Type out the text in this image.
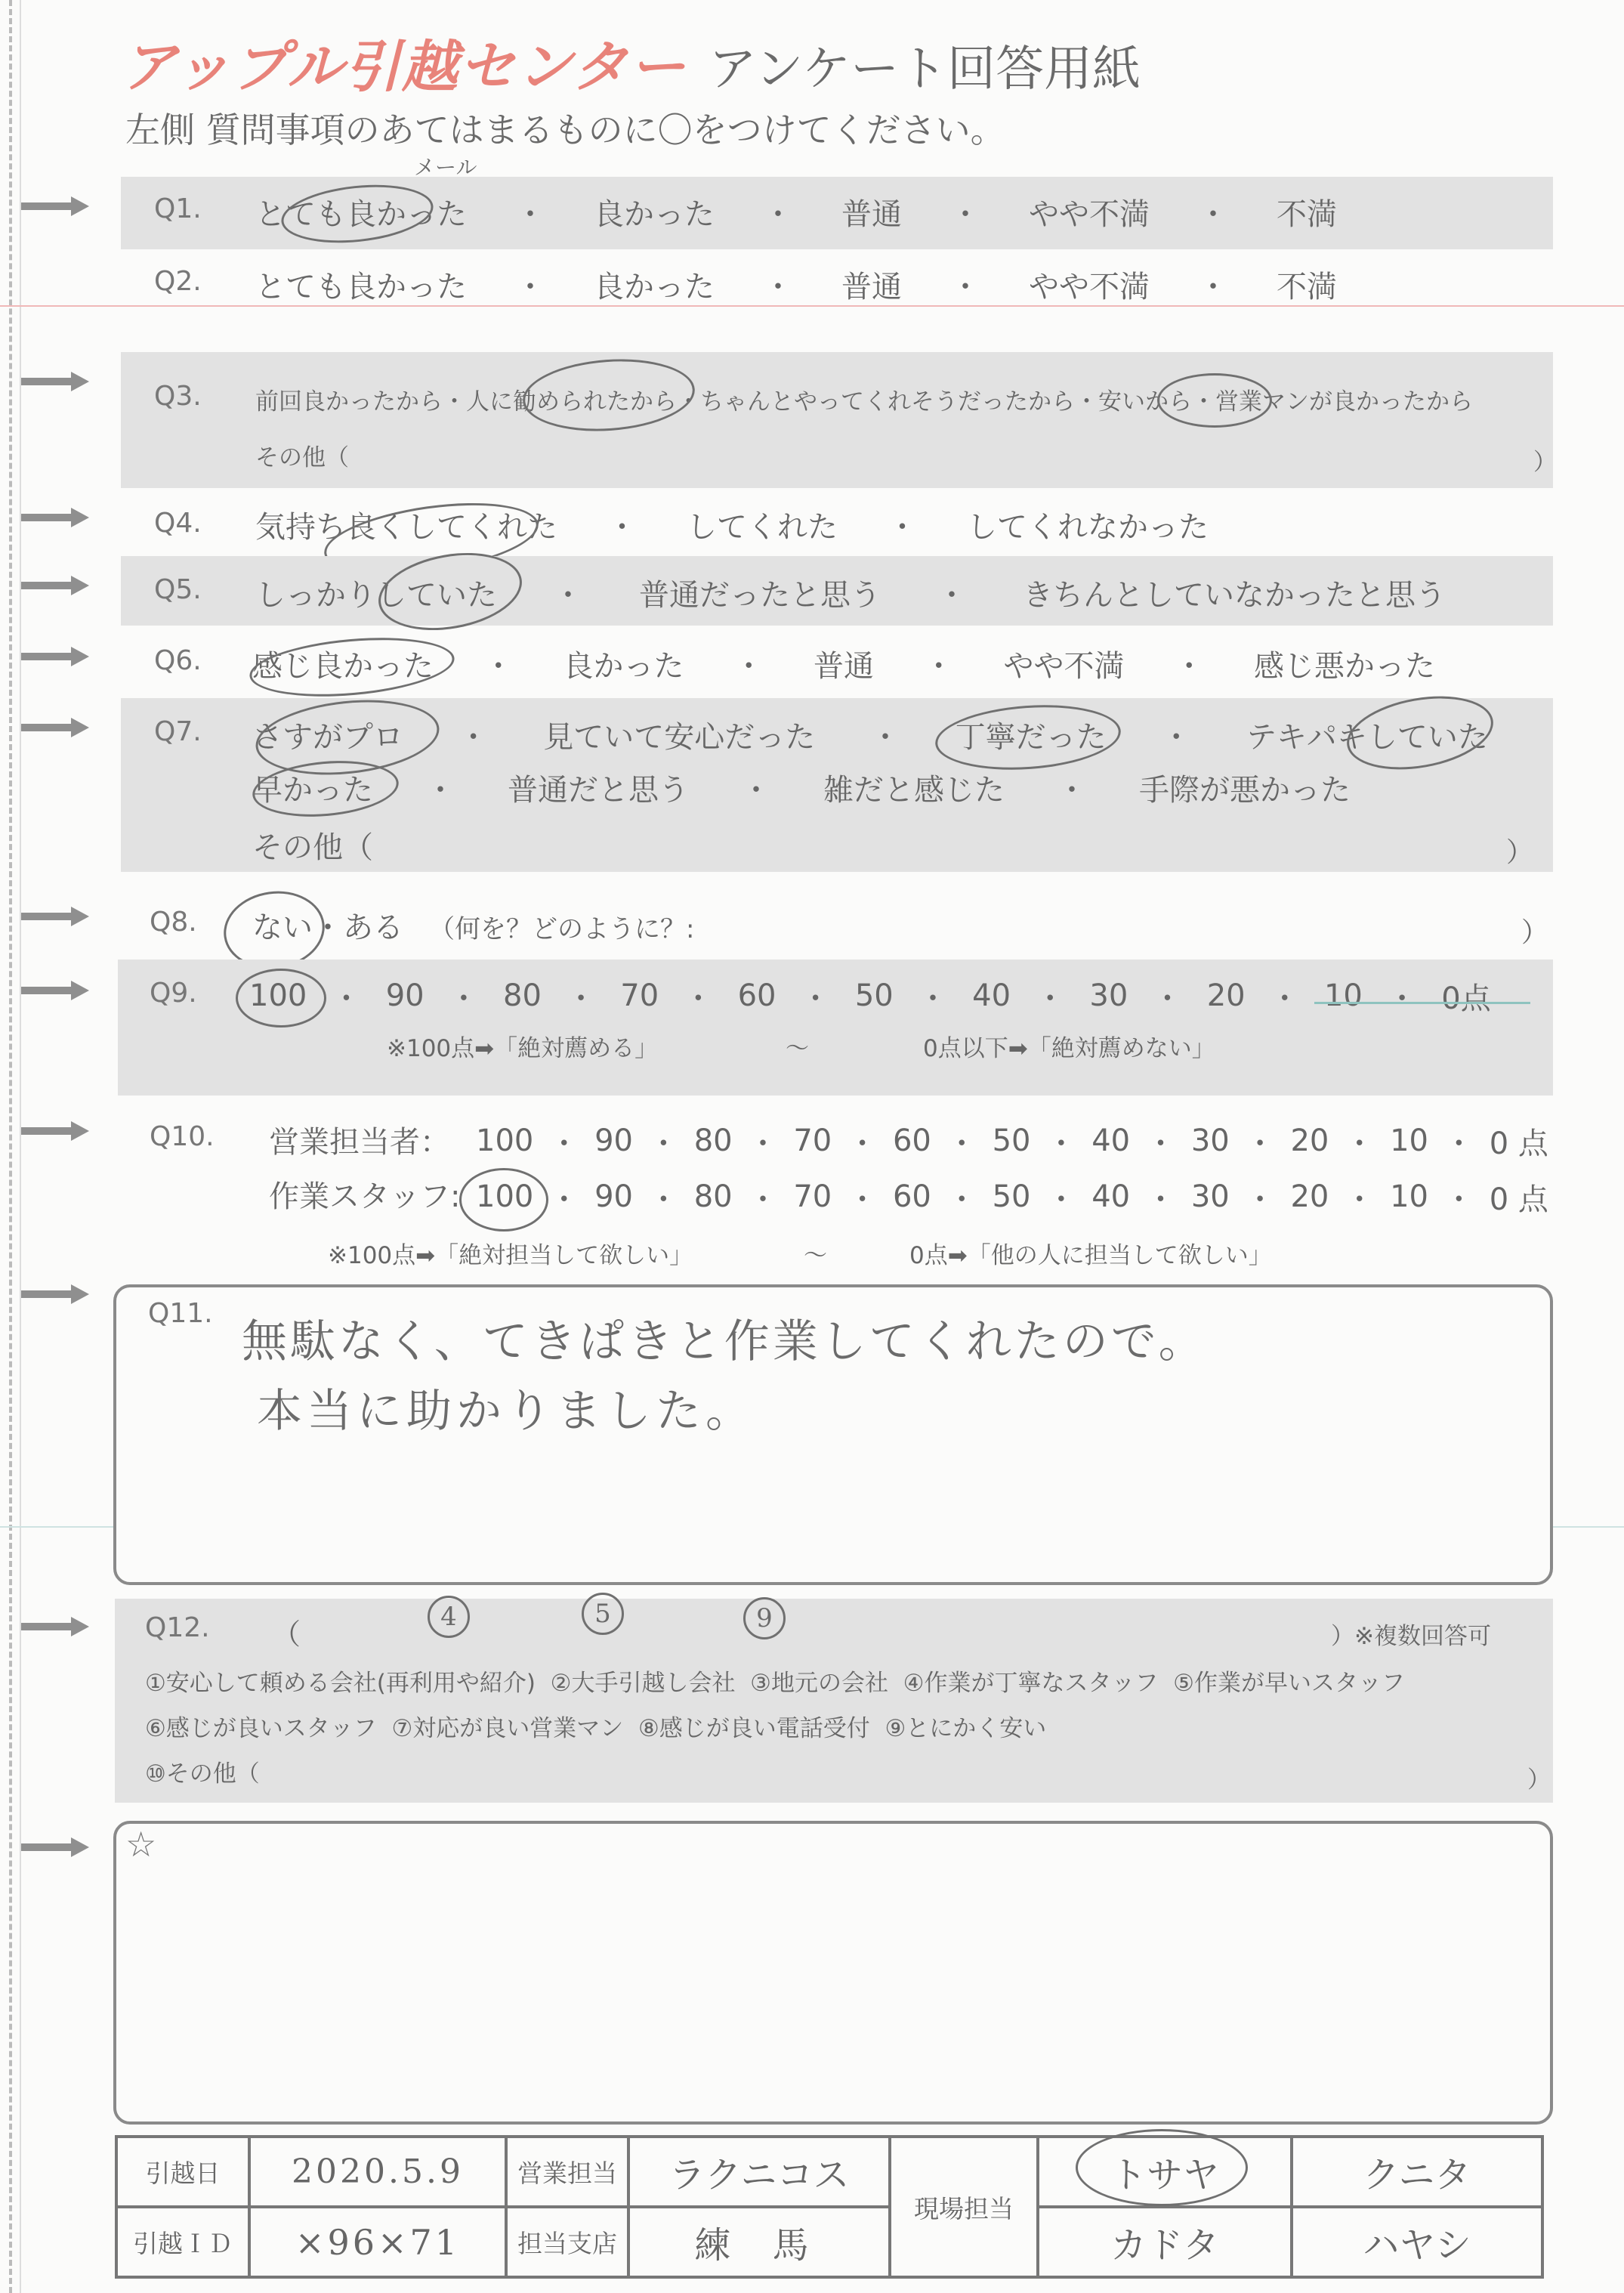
アップル引越センター アンケート回答用紙
左側 質問事項のあてはまるものに〇をつけてください。
Q1. とても良かった ・ 良かった ・ 普通 ・ やや不満 ・ 不満
メール
Q2. とても良かった ・ 良かった ・ 普通 ・ やや不満 ・ 不満
Q3. 前回良かったから・人に勧められたから・ちゃんとやってくれそうだったから・安いから・営業マンが良かったから
その他（	）
Q4. 気持ち良くしてくれた ・ してくれた ・ してくれなかった
Q5. しっかりしていた ・ 普通だったと思う ・ きちんとしていなかったと思う
Q6. 感じ良かった ・ 良かった ・ 普通 ・ やや不満 ・ 感じ悪かった
Q7. さすがプロ ・ 見ていて安心だった ・ 丁寧だった ・ テキパキしていた
早かった ・ 普通だと思う ・ 雑だと感じた ・ 手際が悪かった
その他（	）
Q8. ない・ある （何を？どのように？:	）
Q9. 100 ・ 90 ・ 80 ・ 70 ・ 60 ・ 50 ・ 40 ・ 30 ・ 20 ・ 10 ・ 0点
※100点➡「絶対薦める」	〜	0点以下➡「絶対薦めない」
Q10. 営業担当者： 100 ・ 90 ・ 80 ・ 70 ・ 60 ・ 50 ・ 40 ・ 30 ・ 20 ・ 10 ・ 0 点
作業スタッフ: 100 ・ 90 ・ 80 ・ 70 ・ 60 ・ 50 ・ 40 ・ 30 ・ 20 ・ 10 ・ 0 点
※100点➡「絶対担当して欲しい」	〜	0点➡「他の人に担当して欲しい」
Q11.
無駄なく、てきぱきと作業してくれたので。
本当に助かりました。
Q12. （	）※複数回答可
4	5	9
①安心して頼める会社(再利用や紹介)  ②大手引越し会社  ③地元の会社  ④作業が丁寧なスタッフ  ⑤作業が早いスタッフ
⑥感じが良いスタッフ  ⑦対応が良い営業マン  ⑧感じが良い電話受付  ⑨とにかく安い
⑩その他（	）
☆
引越日	2020.5.9	営業担当	ラクニコス	現場担当	トサヤ	クニタ
引越ＩＤ	×96×71	担当支店	練 馬		カドタ	ハヤシ
